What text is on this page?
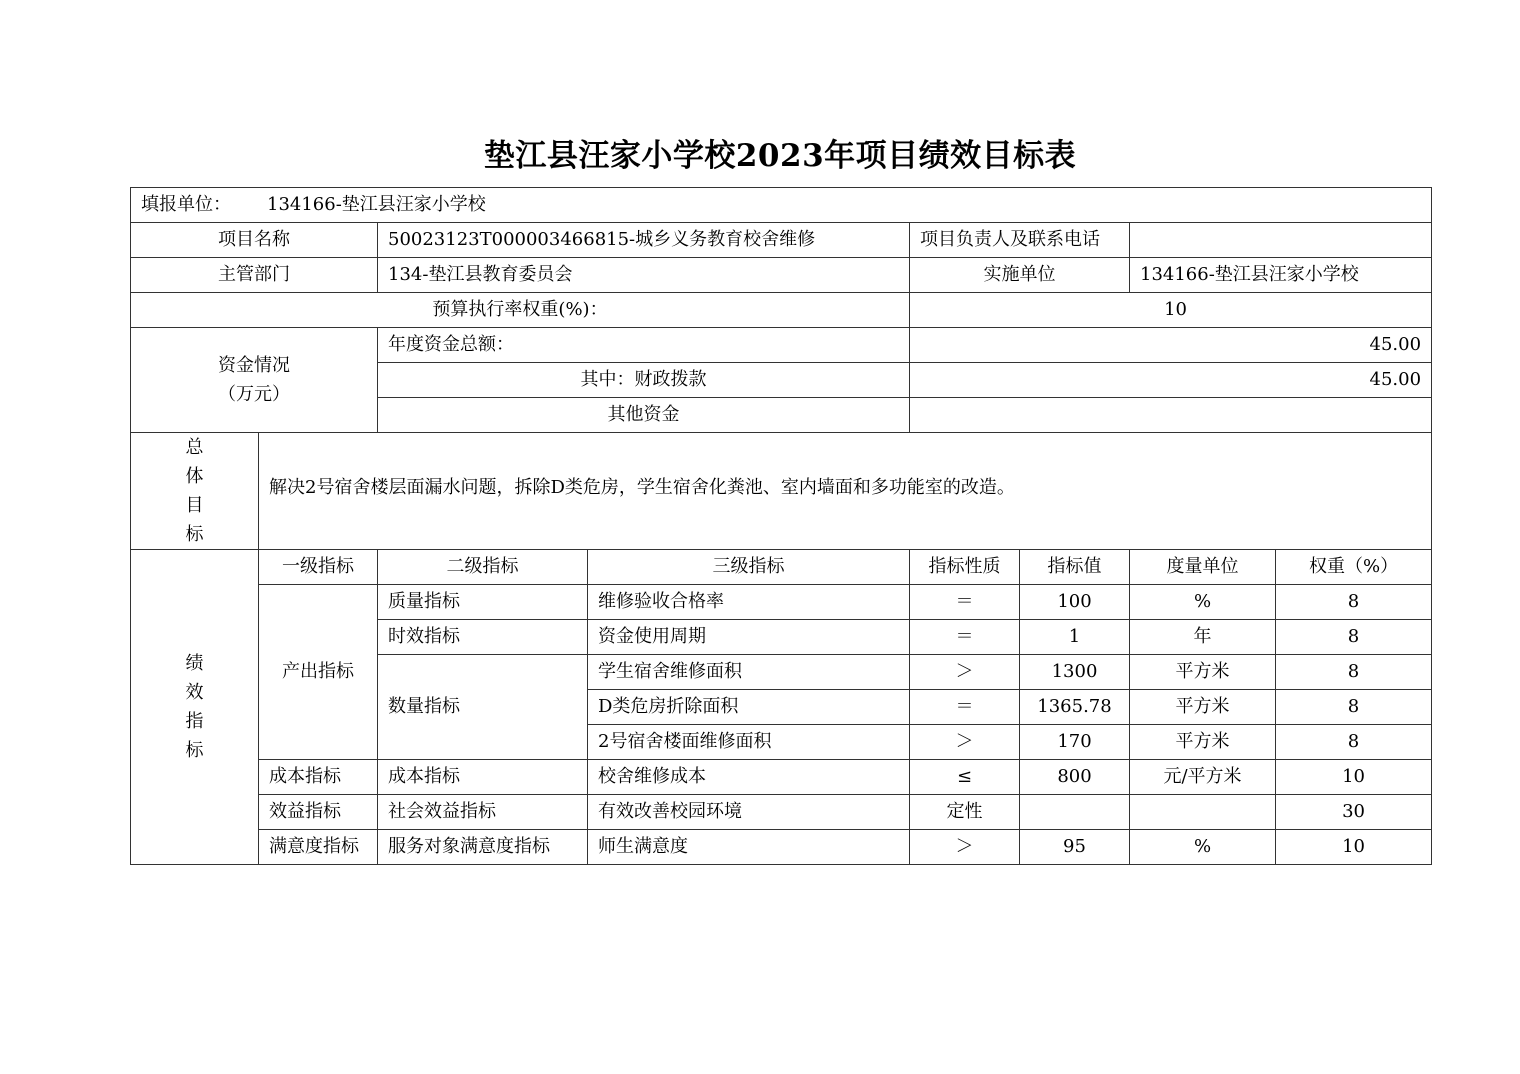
垫江县汪家小学校2023年项目绩效目标表
填报单位： 134166-垫江县汪家小学校							
项目名称		50023123T000003466815-城乡义务教育校舍维修		项目负责人及联系电话			
主管部门		134-垫江县教育委员会		实施单位		134166-垫江县汪家小学校	
预算执行率权重(%)：				10			
资金情况
（万元）		年度资金总额：		45.00			
		其中：财政拨款		45.00			
		其他资金					
总体目标	解决2号宿舍楼层面漏水问题，拆除D类危房，学生宿舍化粪池、室内墙面和多功能室的改造。						
绩效指标	一级指标	二级指标	三级指标	指标性质	指标值	度量单位	权重（%）
	产出指标	质量指标	维修验收合格率	＝	100	%	8
		时效指标	资金使用周期	＝	1	年	8
		数量指标	学生宿舍维修面积	＞	1300	平方米	8
			D类危房折除面积	＝	1365.78	平方米	8
			2号宿舍楼面维修面积	＞	170	平方米	8
	成本指标	成本指标	校舍维修成本	≤	800	元/平方米	10
	效益指标	社会效益指标	有效改善校园环境	定性			30
	满意度指标	服务对象满意度指标	师生满意度	＞	95	%	10
